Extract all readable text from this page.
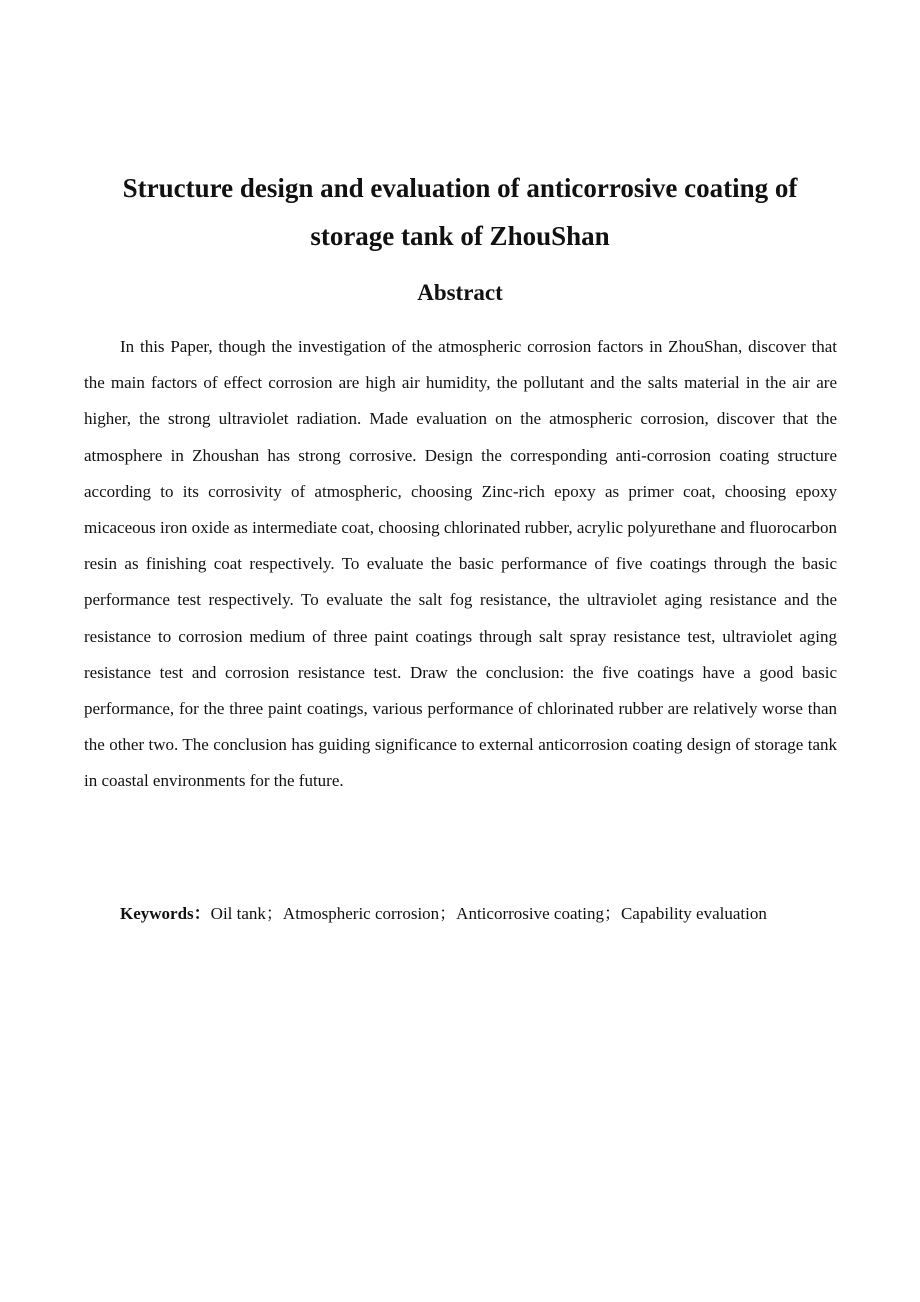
Structure design and evaluation of anticorrosive coating of
storage tank of ZhouShan
Abstract

In this Paper, though the investigation of the atmospheric corrosion factors in ZhouShan, discover that the main factors of effect corrosion are high air humidity, the pollutant and the salts material in the air are higher, the strong ultraviolet radiation. Made evaluation on the atmospheric corrosion, discover that the atmosphere in Zhoushan has strong corrosive. Design the corresponding anti-corrosion coating structure according to its corrosivity of atmospheric, choosing Zinc-rich epoxy as primer coat, choosing epoxy micaceous iron oxide as intermediate coat, choosing chlorinated rubber, acrylic polyurethane and fluorocarbon resin as finishing coat respectively. To evaluate the basic performance of five coatings through the basic performance test respectively. To evaluate the salt fog resistance, the ultraviolet aging resistance and the resistance to corrosion medium of three paint coatings through salt spray resistance test, ultraviolet aging resistance test and corrosion resistance test. Draw the conclusion: the five coatings have a good basic performance, for the three paint coatings, various performance of chlorinated rubber are relatively worse than the other two. The conclusion has guiding significance to external anticorrosion coating design of storage tank in coastal environments for the future.

Keywords：Oil tank；Atmospheric corrosion；Anticorrosive coating；Capability evaluation
